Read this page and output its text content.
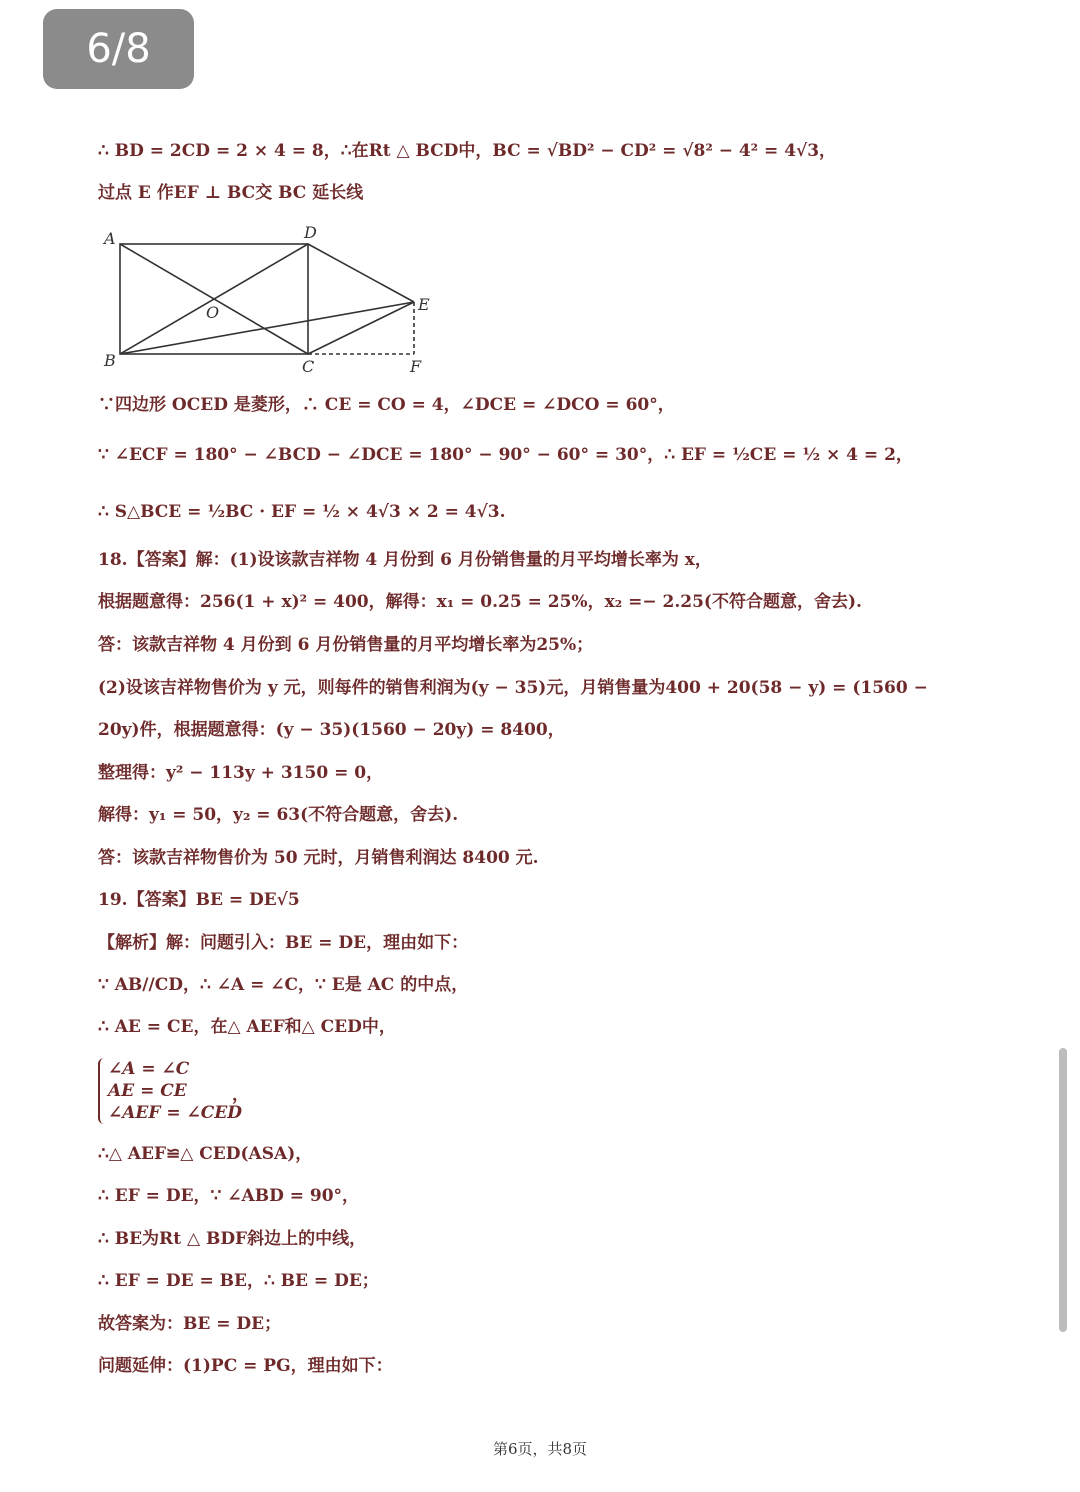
6/8
∴ BD = 2CD = 2 × 4 = 8，∴在Rt △ BCD中，BC = √BD² − CD² = √8² − 4² = 4√3，
过点 E 作EF ⊥ BC交 BC 延长线
A
B	C
D
E
F
O
∵四边形 OCED 是菱形，∴ CE = CO = 4，∠DCE = ∠DCO = 60°，
∵ ∠ECF = 180° − ∠BCD − ∠DCE = 180° − 90° − 60° = 30°，∴ EF = ½CE = ½ × 4 = 2，
∴ S△BCE = ½BC · EF = ½ × 4√3 × 2 = 4√3.
18.【答案】解：(1)设该款吉祥物 4 月份到 6 月份销售量的月平均增长率为 x，
根据题意得：256(1 + x)² = 400，解得：x₁ = 0.25 = 25%，x₂ =− 2.25(不符合题意，舍去).
答：该款吉祥物 4 月份到 6 月份销售量的月平均增长率为25%；
(2)设该吉祥物售价为 y 元，则每件的销售利润为(y − 35)元，月销售量为400 + 20(58 − y) = (1560 −
20y)件，根据题意得：(y − 35)(1560 − 20y) = 8400，
整理得：y² − 113y + 3150 = 0，
解得：y₁ = 50，y₂ = 63(不符合题意，舍去).
答：该款吉祥物售价为 50 元时，月销售利润达 8400 元.
19.【答案】BE = DE√5
【解析】解：问题引入：BE = DE，理由如下：
∵ AB//CD，∴ ∠A = ∠C，∵ E是 AC 的中点，
∴ AE = CE，在△ AEF和△ CED中，
∠A = ∠C
AE = CE
∠AEF = ∠CED
，
∴△ AEF≌△ CED(ASA)，
∴ EF = DE，∵ ∠ABD = 90°，
∴ BE为Rt △ BDF斜边上的中线，
∴ EF = DE = BE，∴ BE = DE；
故答案为：BE = DE；
问题延伸：(1)PC = PG，理由如下：
第6页，共8页
